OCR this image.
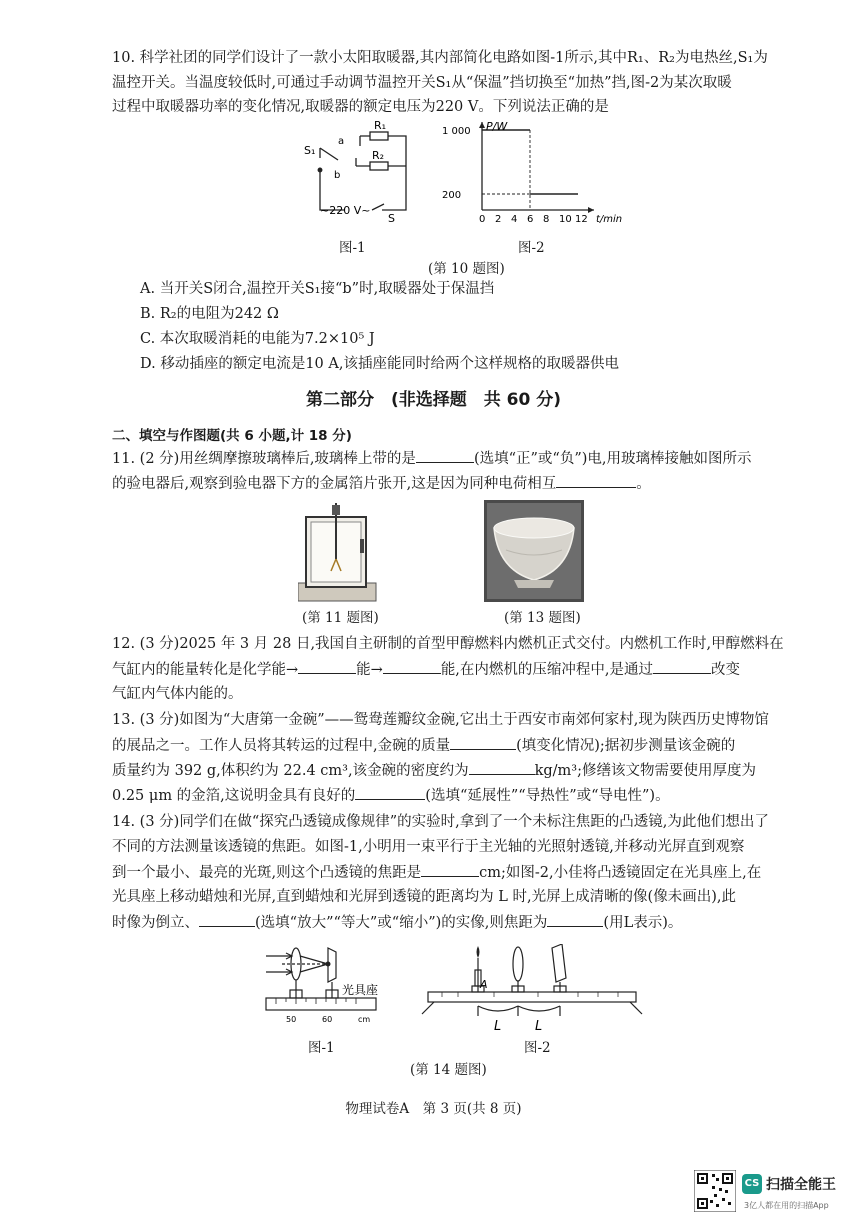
10. 科学社团的同学们设计了一款小太阳取暖器,其内部简化电路如图-1所示,其中R₁、R₂为电热丝,S₁为
温控开关。当温度较低时,可通过手动调节温控开关S₁从“保温”挡切换至“加热”挡,图-2为某次取暖
过程中取暖器功率的变化情况,取暖器的额定电压为220 V。下列说法正确的是
R₁
R₂
S₁
a
b
~220 V~
S
图-1
0 2 4 6 8 10 12
200
1 000 P/W
t/min
图-2
(第 10 题图)
A. 当开关S闭合,温控开关S₁接“b”时,取暖器处于保温挡
B. R₂的电阻为242 Ω
C. 本次取暖消耗的电能为7.2×10⁵ J
D. 移动插座的额定电流是10 A,该插座能同时给两个这样规格的取暖器供电
第二部分　(非选择题　共 60 分)
二、填空与作图题(共 6 小题,计 18 分)
11. (2 分)用丝绸摩擦玻璃棒后,玻璃棒上带的是	(选填“正”或“负”)电,用玻璃棒接触如图所示
的验电器后,观察到验电器下方的金属箔片张开,这是因为同种电荷相互	。
(第 11 题图)	(第 13 题图)
12. (3 分)2025 年 3 月 28 日,我国自主研制的首型甲醇燃料内燃机正式交付。内燃机工作时,甲醇燃料在
气缸内的能量转化是化学能→	能→	能,在内燃机的压缩冲程中,是通过	改变
气缸内气体内能的。
13. (3 分)如图为“大唐第一金碗”——鸳鸯莲瓣纹金碗,它出土于西安市南郊何家村,现为陕西历史博物馆
的展品之一。工作人员将其转运的过程中,金碗的质量	(填变化情况);据初步测量该金碗的
质量约为 392 g,体积约为 22.4 cm³,该金碗的密度约为	kg/m³;修缮该文物需要使用厚度为
0.25 μm 的金箔,这说明金具有良好的	(选填“延展性”“导热性”或“导电性”)。
14. (3 分)同学们在做“探究凸透镜成像规律”的实验时,拿到了一个未标注焦距的凸透镜,为此他们想出了
不同的方法测量该透镜的焦距。如图-1,小明用一束平行于主光轴的光照射透镜,并移动光屏直到观察
到一个最小、最亮的光斑,则这个凸透镜的焦距是	cm;如图-2,小佳将凸透镜固定在光具座上,在
光具座上移动蜡烛和光屏,直到蜡烛和光屏到透镜的距离均为 L 时,光屏上成清晰的像(像未画出),此
时像为倒立、	(选填“放大”“等大”或“缩小”)的实像,则焦距为	(用L表示)。
50	60	cm
光具座
图-1
A
L	L
图-2
(第 14 题图)
物理试卷A　第 3 页(共 8 页)
CS 扫描全能王
3亿人都在用的扫描App
